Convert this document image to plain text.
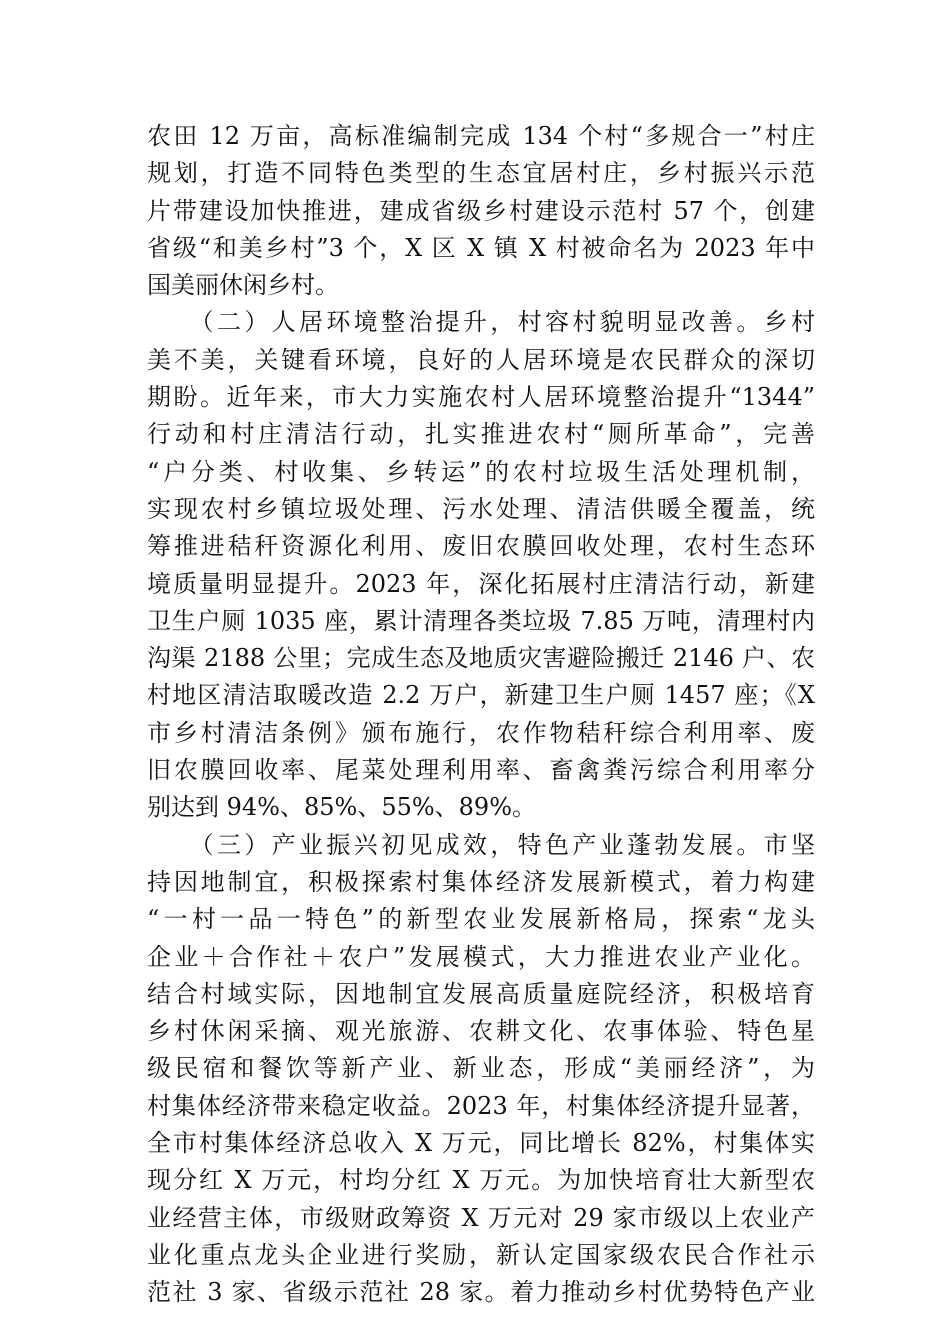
农田 12 万亩，高标准编制完成 134 个村“多规合一”村庄
规划，打造不同特色类型的生态宜居村庄，乡村振兴示范
片带建设加快推进，建成省级乡村建设示范村 57 个，创建
省级“和美乡村”3 个，X 区 X 镇 X 村被命名为 2023 年中
国美丽休闲乡村。
　　（二）人居环境整治提升，村容村貌明显改善。乡村
美不美，关键看环境，良好的人居环境是农民群众的深切
期盼。近年来，市大力实施农村人居环境整治提升“1344”
行动和村庄清洁行动，扎实推进农村“厕所革命”，完善
“户分类、村收集、乡转运”的农村垃圾生活处理机制，
实现农村乡镇垃圾处理、污水处理、清洁供暖全覆盖，统
筹推进秸秆资源化利用、废旧农膜回收处理，农村生态环
境质量明显提升。2023 年，深化拓展村庄清洁行动，新建
卫生户厕 1035 座，累计清理各类垃圾 7.85 万吨，清理村内
沟渠 2188 公里；完成生态及地质灾害避险搬迁 2146 户、农
村地区清洁取暖改造 2.2 万户，新建卫生户厕 1457 座；《X
市乡村清洁条例》颁布施行，农作物秸秆综合利用率、废
旧农膜回收率、尾菜处理利用率、畜禽粪污综合利用率分
别达到 94%、85%、55%、89%。
　　（三）产业振兴初见成效，特色产业蓬勃发展。市坚
持因地制宜，积极探索村集体经济发展新模式，着力构建
“一村一品一特色”的新型农业发展新格局，探索“龙头
企业＋合作社＋农户”发展模式，大力推进农业产业化。
结合村域实际，因地制宜发展高质量庭院经济，积极培育
乡村休闲采摘、观光旅游、农耕文化、农事体验、特色星
级民宿和餐饮等新产业、新业态，形成“美丽经济”，为
村集体经济带来稳定收益。2023 年，村集体经济提升显著，
全市村集体经济总收入 X 万元，同比增长 82%，村集体实
现分红 X 万元，村均分红 X 万元。为加快培育壮大新型农
业经营主体，市级财政筹资 X 万元对 29 家市级以上农业产
业化重点龙头企业进行奖励，新认定国家级农民合作社示
范社 3 家、省级示范社 28 家。着力推动乡村优势特色产业
